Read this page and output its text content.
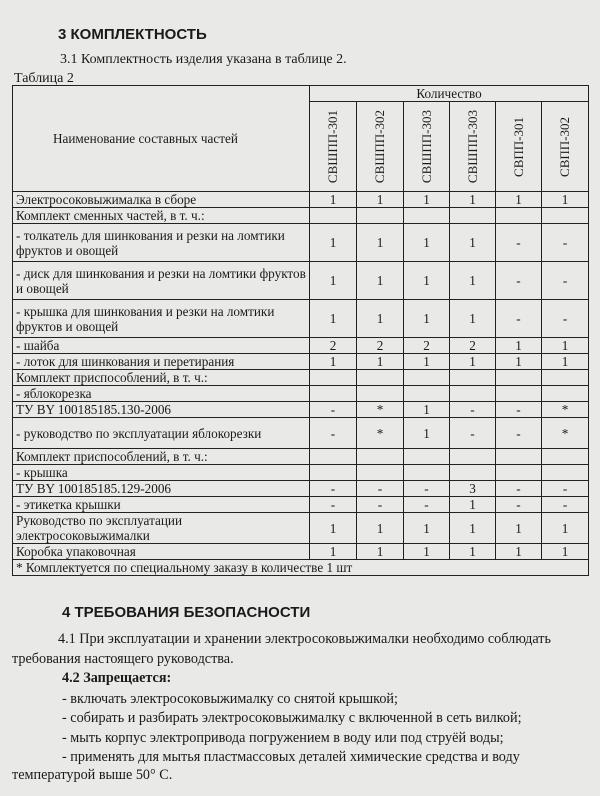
3 КОМПЛЕКТНОСТЬ
3.1 Комплектность изделия указана в таблице 2.
Таблица 2
Наименование составных частей	Количество					

	СВШПП-301	СВШПП-302	СВШПП-303	СВШПП-303	СВПП-301	СВПП-302

Электросоковыжималка в сборе	1	1	1	1	1	1
Комплект сменных частей, в т. ч.:						
- толкатель для шинкования и резки на ломтики фруктов и овощей	1	1	1	1	-	-
- диск для шинкования и резки на ломтики фруктов и овощей	1	1	1	1	-	-
- крышка для шинкования и резки на ломтики фруктов и овощей	1	1	1	1	-	-
- шайба	2	2	2	2	1	1
- лоток для шинкования и перетирания	1	1	1	1	1	1
Комплект приспособлений, в т. ч.:						
- яблокорезка						
ТУ BY 100185185.130-2006	-	*	1	-	-	*
- руководство по эксплуатации яблокорезки	-	*	1	-	-	*
Комплект приспособлений, в т. ч.:						
- крышка						
ТУ BY 100185185.129-2006	-	-	-	3	-	-
- этикетка крышки	-	-	-	1	-	-
Руководство по эксплуатации электросоковыжималки	1	1	1	1	1	1
Коробка упаковочная	1	1	1	1	1	1
* Комплектуется по специальному заказу в количестве 1 шт						
4 ТРЕБОВАНИЯ БЕЗОПАСНОСТИ
4.1 При эксплуатации и хранении электросоковыжималки необходимо соблюдать требования настоящего руководства.
4.2 Запрещается:
- включать электросоковыжималку со снятой крышкой;
- собирать и разбирать электросоковыжималку с включенной в сеть вилкой;
- мыть корпус электропривода погружением в воду или под струёй воды;
- применять для мытья пластмассовых деталей химические средства и воду
температурой выше 50° С.
